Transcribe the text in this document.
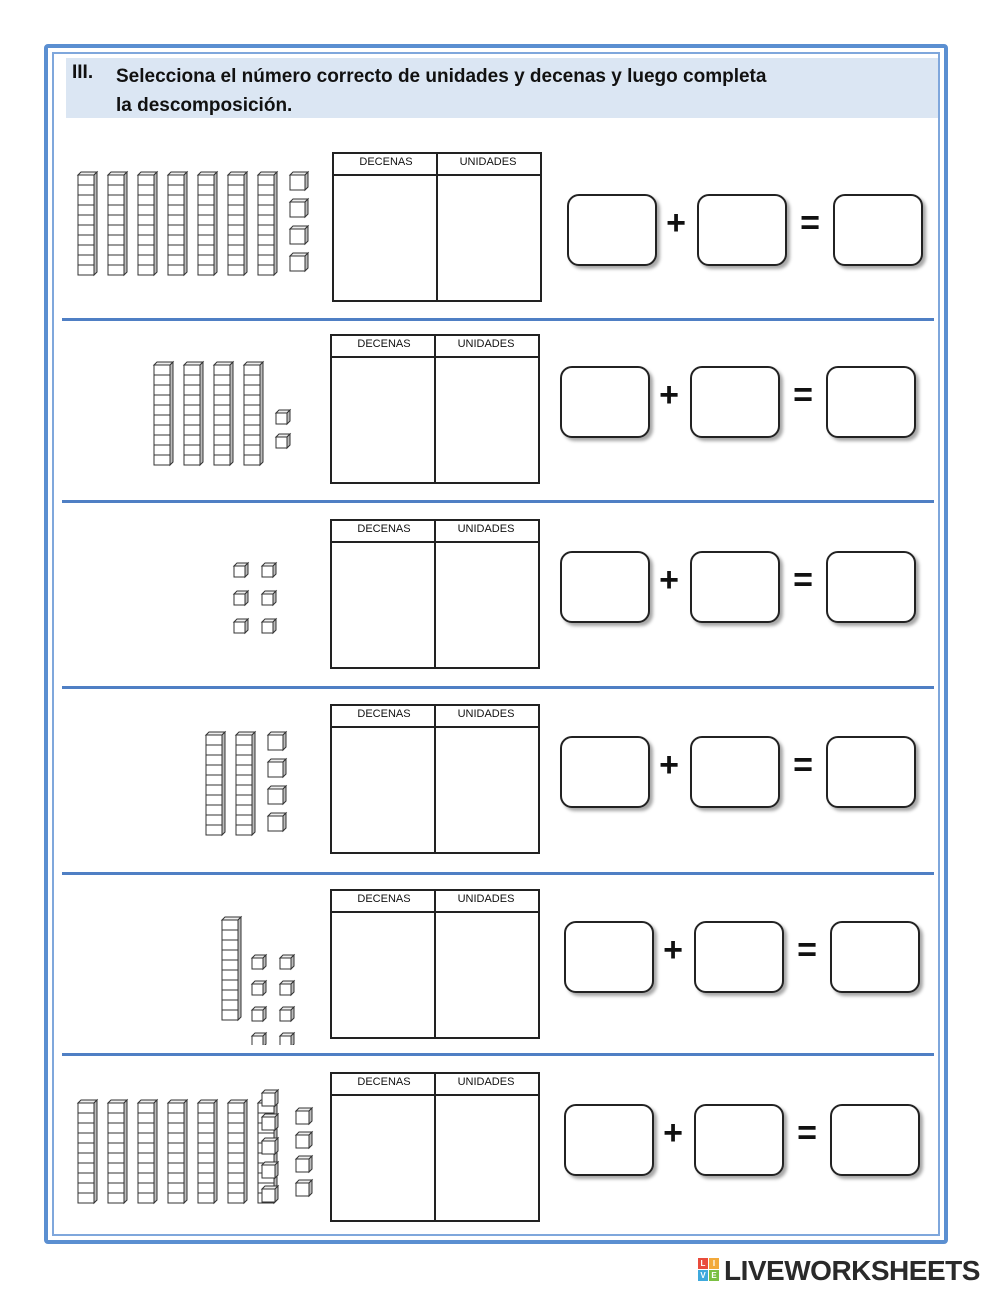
III. Selecciona el número correcto de unidades y decenas y luego completa
la descomposición.
DECENAS	UNIDADES
+	=
DECENAS	UNIDADES
+	=
DECENAS	UNIDADES
+	=
DECENAS	UNIDADES
+	=
DECENAS	UNIDADES
+	=
DECENAS	UNIDADES
+	=
L I
V E LIVEWORKSHEETS
